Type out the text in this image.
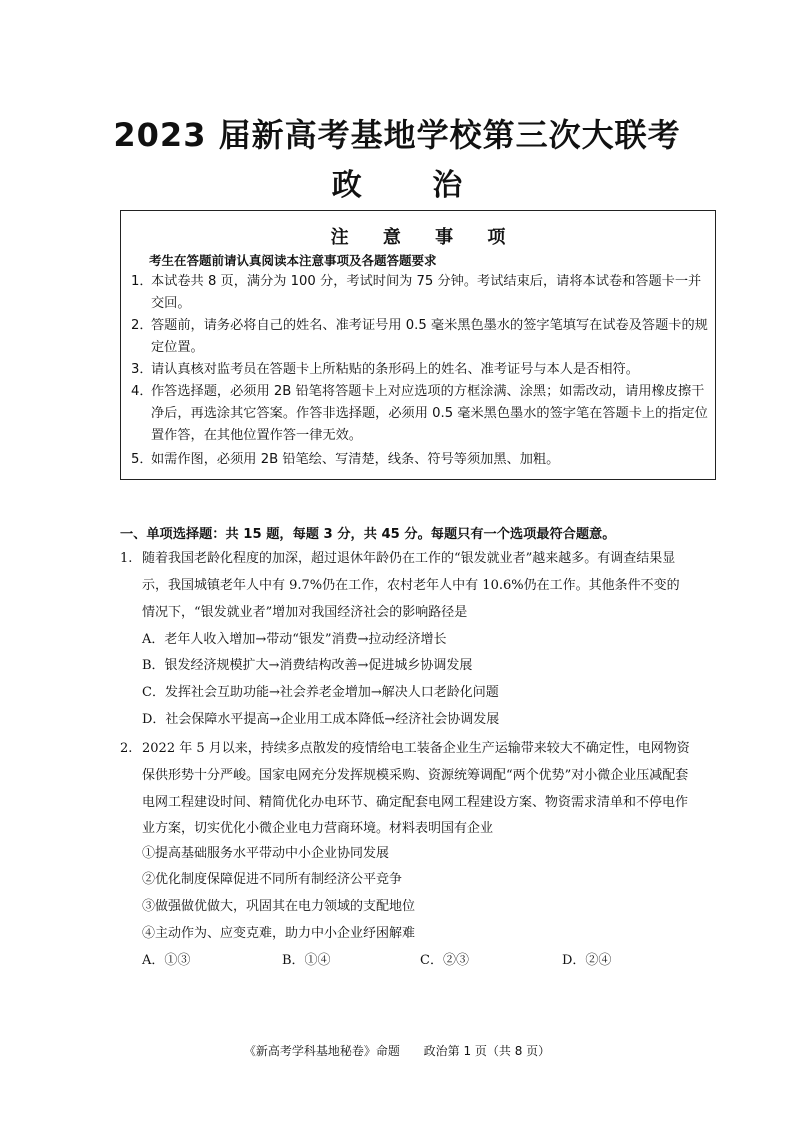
2023 届新高考基地学校第三次大联考
政 治
注 意 事 项
考生在答题前请认真阅读本注意事项及各题答题要求
1．
本试卷共 8 页，满分为 100 分，考试时间为 75 分钟。考试结束后，请将本试卷和答题卡一并交回。
2．
答题前，请务必将自己的姓名、准考证号用 0.5 毫米黑色墨水的签字笔填写在试卷及答题卡的规定位置。
3．
请认真核对监考员在答题卡上所粘贴的条形码上的姓名、准考证号与本人是否相符。
4．
作答选择题，必须用 2B 铅笔将答题卡上对应选项的方框涂满、涂黑；如需改动，请用橡皮擦干净后，再选涂其它答案。作答非选择题，必须用 0.5 毫米黑色墨水的签字笔在答题卡上的指定位置作答，在其他位置作答一律无效。
5．
如需作图，必须用 2B 铅笔绘、写清楚，线条、符号等须加黑、加粗。
一、单项选择题：共 15 题，每题 3 分，共 45 分。每题只有一个选项最符合题意。
1. 随着我国老龄化程度的加深，超过退休年龄仍在工作的“银发就业者”越来越多。有调查结果显示，我国城镇老年人中有 9.7%仍在工作，农村老年人中有 10.6%仍在工作。其他条件不变的情况下，“银发就业者”增加对我国经济社会的影响路径是
A．老年人收入增加→带动“银发”消费→拉动经济增长
B．银发经济规模扩大→消费结构改善→促进城乡协调发展
C．发挥社会互助功能→社会养老金增加→解决人口老龄化问题
D．社会保障水平提高→企业用工成本降低→经济社会协调发展
2. 2022 年 5 月以来，持续多点散发的疫情给电工装备企业生产运输带来较大不确定性，电网物资保供形势十分严峻。国家电网充分发挥规模采购、资源统筹调配“两个优势”对小微企业压减配套电网工程建设时间、精简优化办电环节、确定配套电网工程建设方案、物资需求清单和不停电作业方案，切实优化小微企业电力营商环境。材料表明国有企业
①提高基础服务水平带动中小企业协同发展
②优化制度保障促进不同所有制经济公平竞争
③做强做优做大，巩固其在电力领域的支配地位
④主动作为、应变克难，助力中小企业纾困解难
A．①③	B．①④	C．②③	D．②④
《新高考学科基地秘卷》命题 政治第 1 页（共 8 页）
